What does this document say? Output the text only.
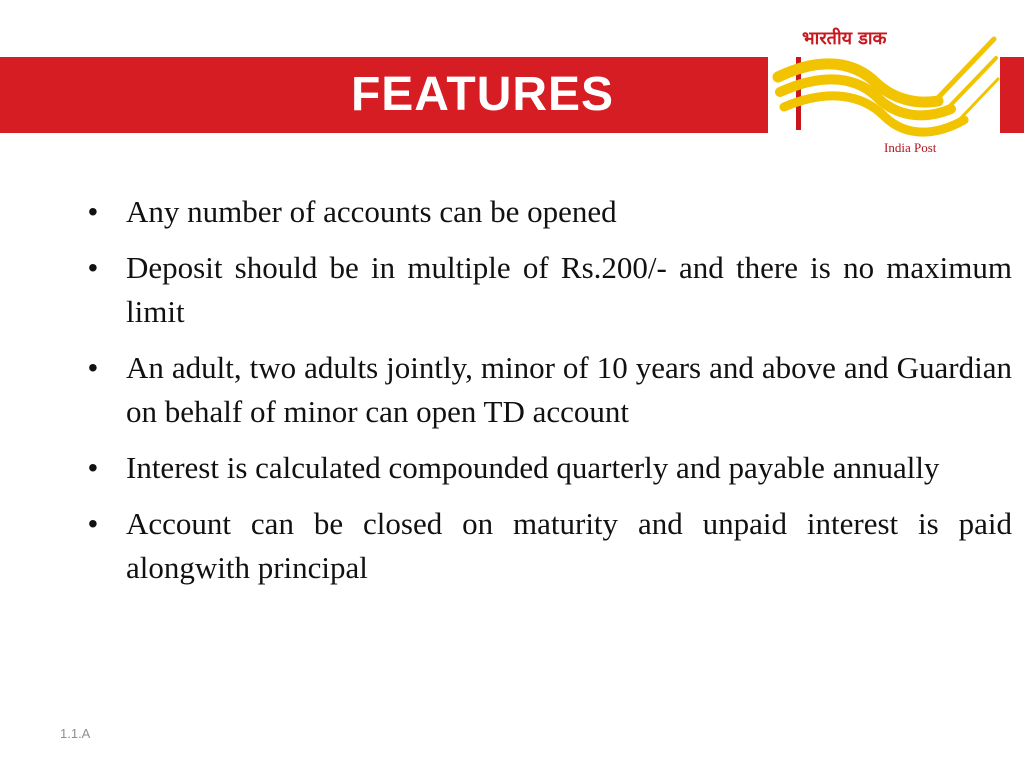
FEATURES
भारतीय डाक
India Post
• Any number of accounts can be opened
• Deposit should be in multiple of Rs.200/- and there is no maximum limit
• An adult, two adults jointly, minor of 10 years and above and Guardian on behalf of minor can open TD account
• Interest is calculated compounded quarterly and payable annually
• Account can be closed on maturity and unpaid interest is paid alongwith principal
1.1.A
